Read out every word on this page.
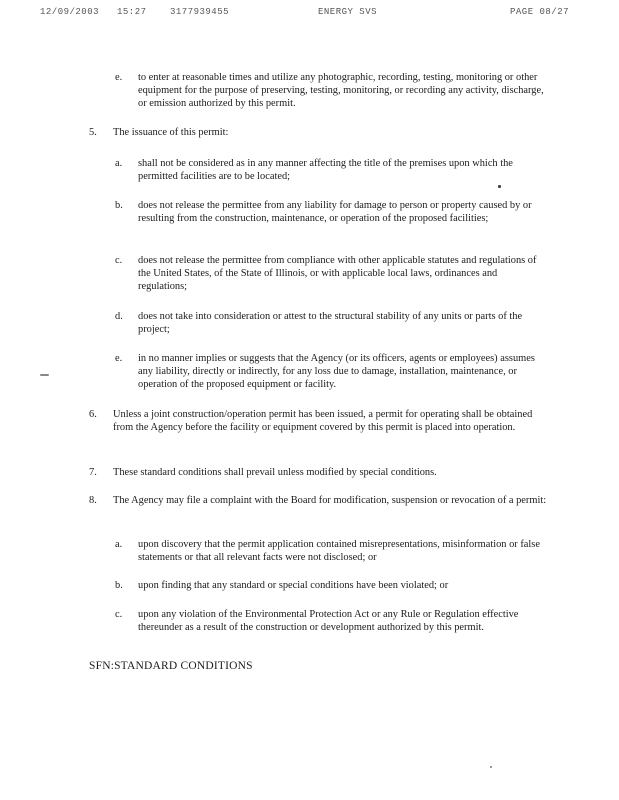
12/09/2003 15:27	3177939455	ENERGY SVS	PAGE 08/27
e. to enter at reasonable times and utilize any photographic, recording, testing, monitoring or other equipment for the purpose of preserving, testing, monitoring, or recording any activity, discharge, or emission authorized by this permit.
5. The issuance of this permit:
a. shall not be considered as in any manner affecting the title of the premises upon which the permitted facilities are to be located;
b. does not release the permittee from any liability for damage to person or property caused by or resulting from the construction, maintenance, or operation of the proposed facilities;
c. does not release the permittee from compliance with other applicable statutes and regulations of the United States, of the State of Illinois, or with applicable local laws, ordinances and regulations;
d. does not take into consideration or attest to the structural stability of any units or parts of the project;
e. in no manner implies or suggests that the Agency (or its officers, agents or employees) assumes any liability, directly or indirectly, for any loss due to damage, installation, maintenance, or operation of the proposed equipment or facility.
6. Unless a joint construction/operation permit has been issued, a permit for operating shall be obtained from the Agency before the facility or equipment covered by this permit is placed into operation.
7. These standard conditions shall prevail unless modified by special conditions.
8. The Agency may file a complaint with the Board for modification, suspension or revocation of a permit:
a. upon discovery that the permit application contained misrepresentations, misinformation or false statements or that all relevant facts were not disclosed; or
b. upon finding that any standard or special conditions have been violated; or
c. upon any violation of the Environmental Protection Act or any Rule or Regulation effective thereunder as a result of the construction or development authorized by this permit.
SFN:STANDARD CONDITIONS
